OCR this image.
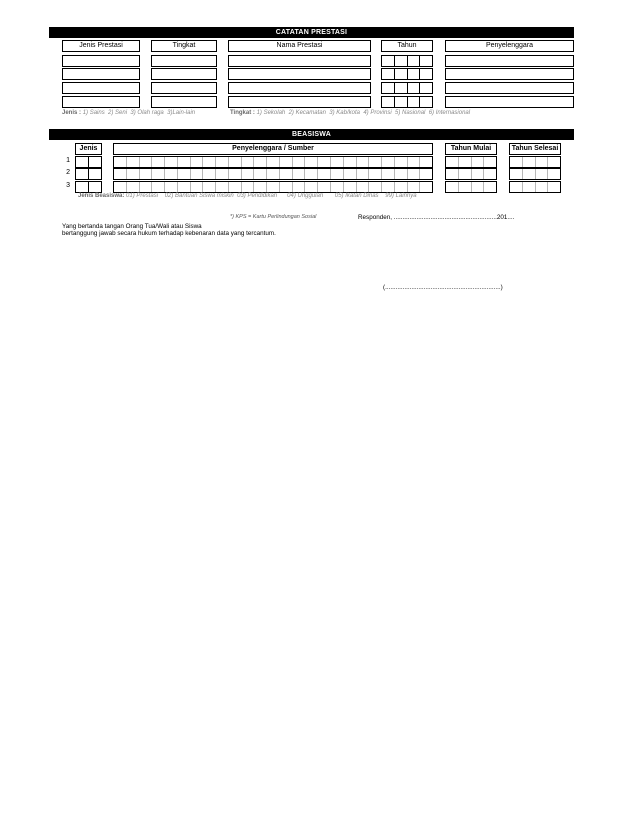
CATATAN PRESTASI
Jenis Prestasi	Tingkat	Nama Prestasi	Tahun	Penyelenggara
Jenis : 1) Sains 2) Seni 3) Olah raga 3)Lain-lain	Tingkat : 1) Sekolah 2) Kecamatan 3) Kab/kota 4) Provinsi 5) Nasional 6) Internasional
BEASISWA
Jenis	Penyelenggara / Sumber	Tahun Mulai	Tahun Selesai
1
2
3
Jenis Beasiswa: 01) Prestasi 02) Bantuan Siswa miskin 03) Pendidikan 04) Unggulan 05) Ikatan Dinas 99) Lainnya
*) KPS = Kartu Perlindungan Sosial	Responden, ...........................................................201....
Yang bertanda tangan Orang Tua/Wali atau Siswa
bertanggung jawab secara hukum terhadap kebenaran data yang tercantum.
(..................................................................)
